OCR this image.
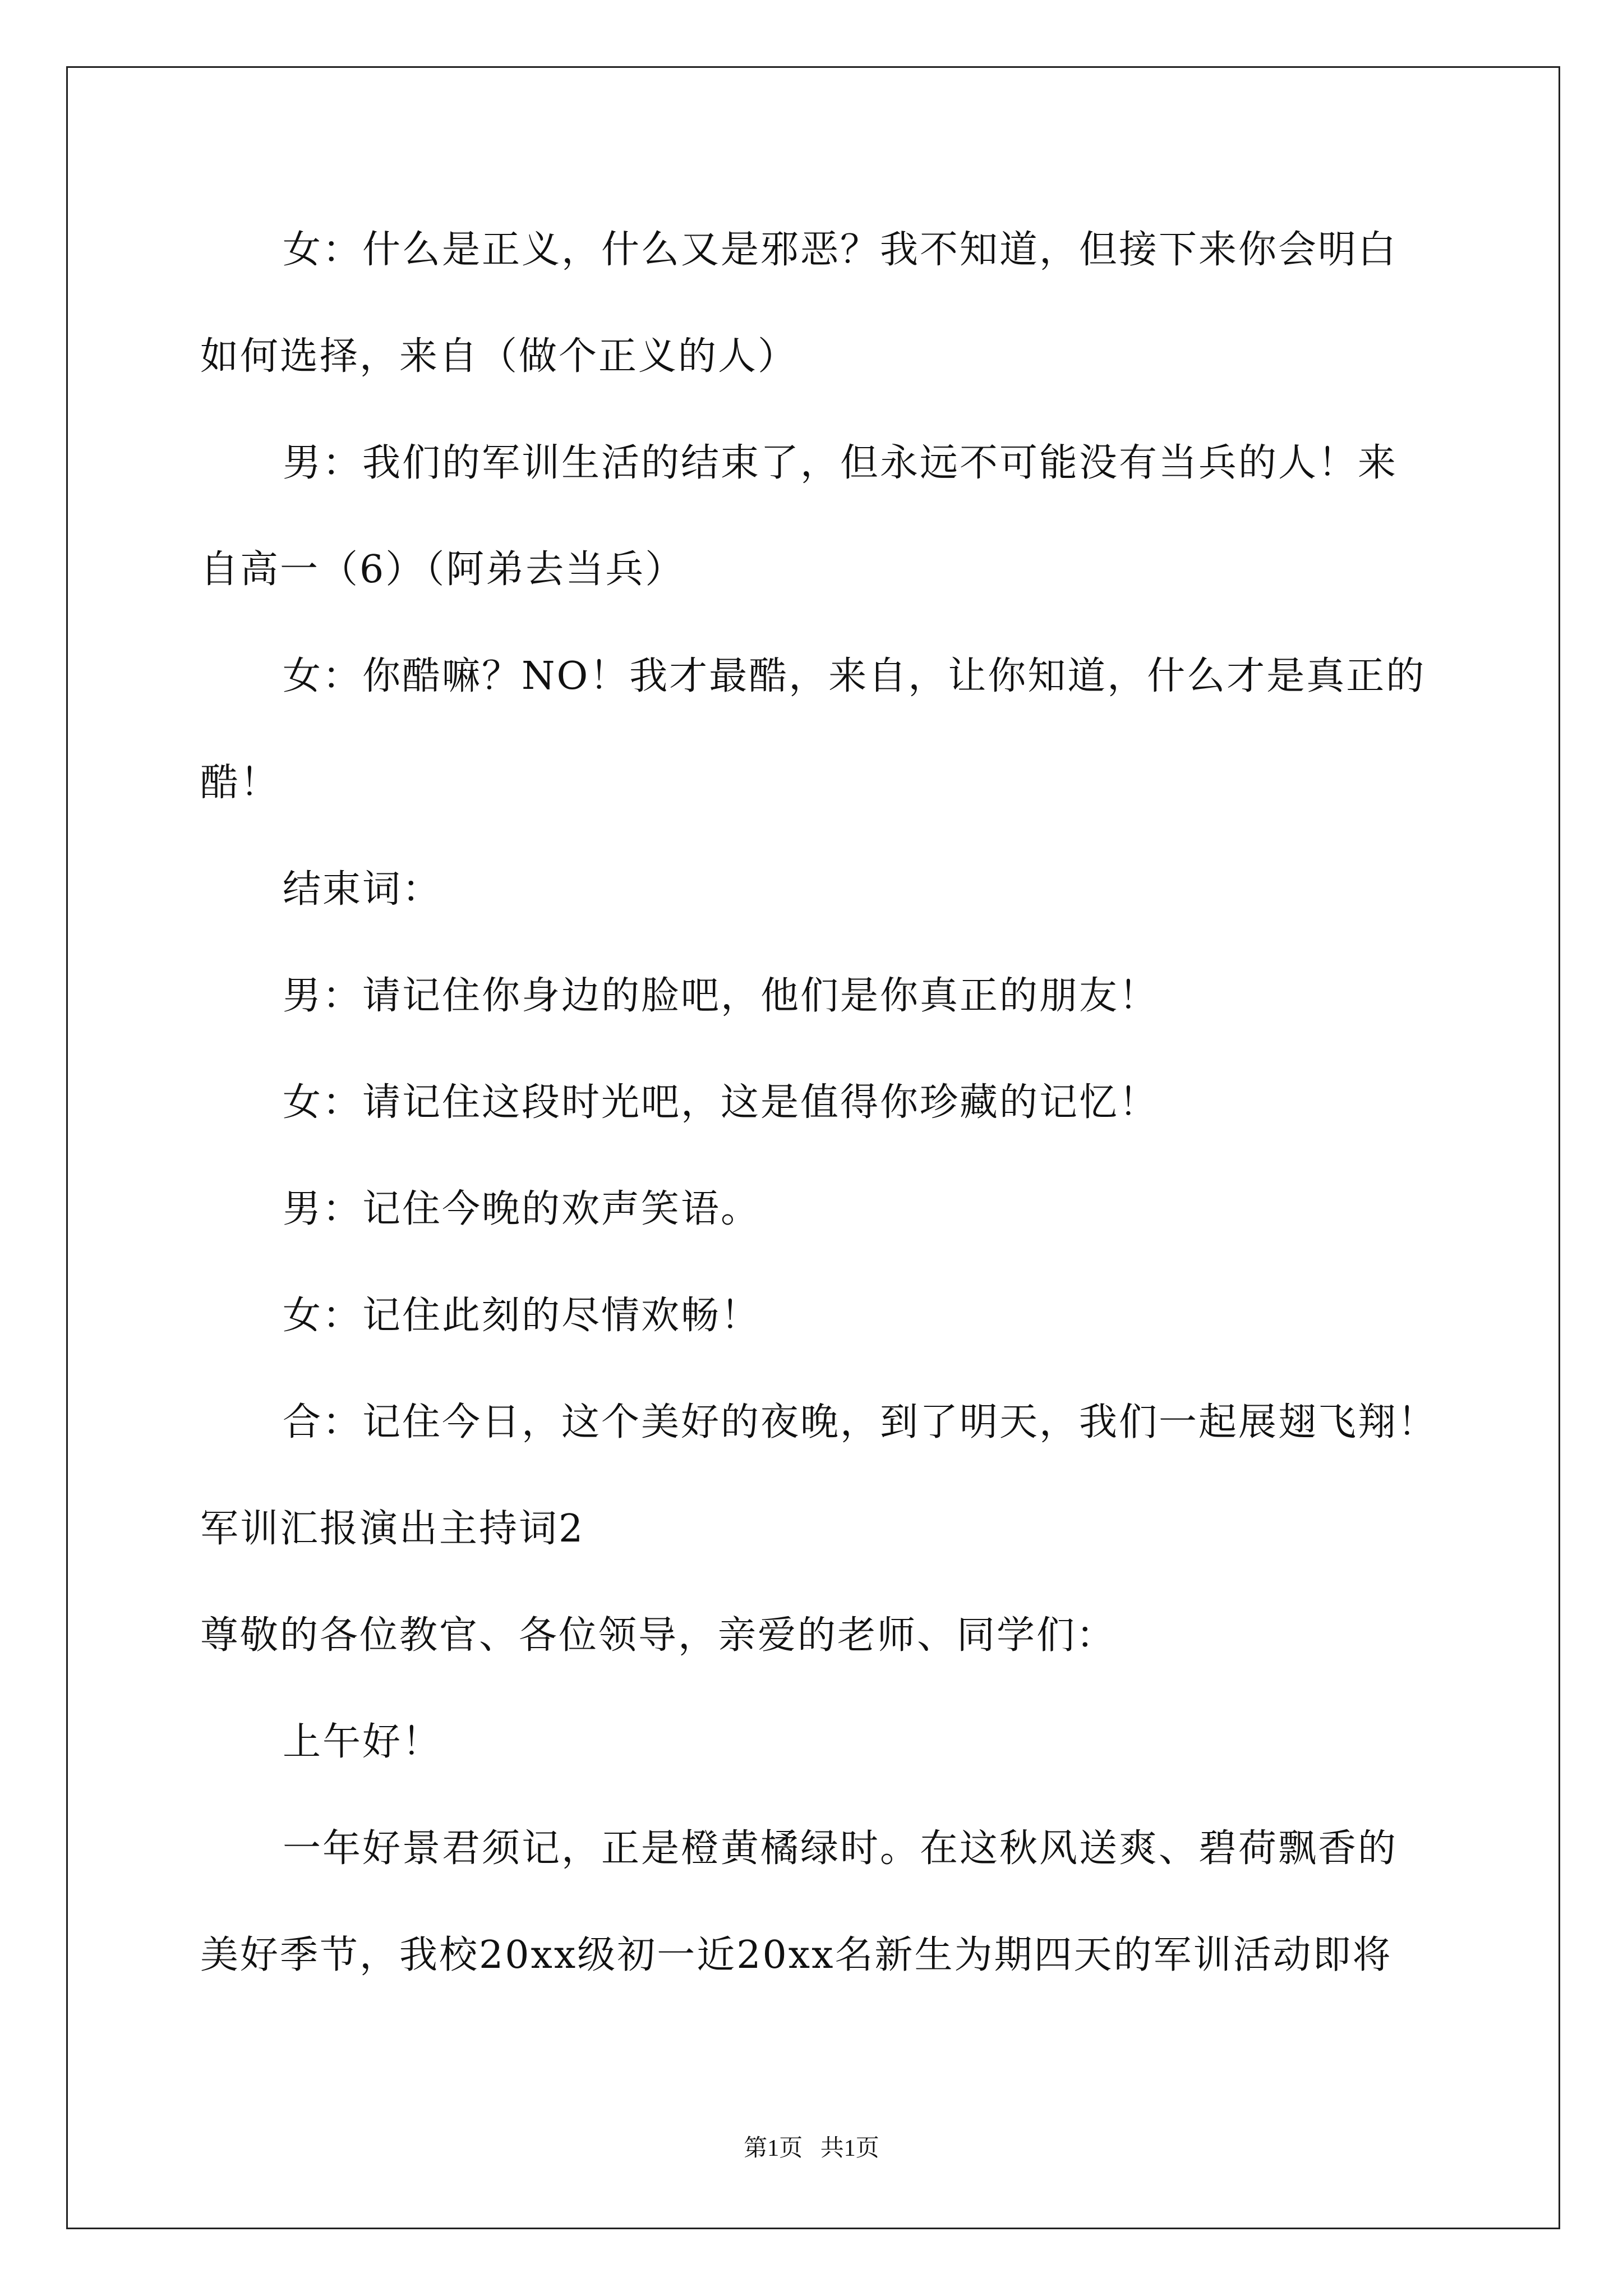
女：什么是正义，什么又是邪恶？我不知道，但接下来你会明白
如何选择，来自（做个正义的人）
男：我们的军训生活的结束了，但永远不可能没有当兵的人！来
自高一（6）（阿弟去当兵）
女：你酷嘛？NO！我才最酷，来自，让你知道，什么才是真正的
酷！
结束词：
男：请记住你身边的脸吧，他们是你真正的朋友！
女：请记住这段时光吧，这是值得你珍藏的记忆！
男：记住今晚的欢声笑语。
女：记住此刻的尽情欢畅！
合：记住今日，这个美好的夜晚，到了明天，我们一起展翅飞翔！
军训汇报演出主持词2
尊敬的各位教官、各位领导，亲爱的老师、同学们：
上午好！
一年好景君须记，正是橙黄橘绿时。在这秋风送爽、碧荷飘香的
美好季节，我校20xx级初一近20xx名新生为期四天的军训活动即将
第1页   共1页
